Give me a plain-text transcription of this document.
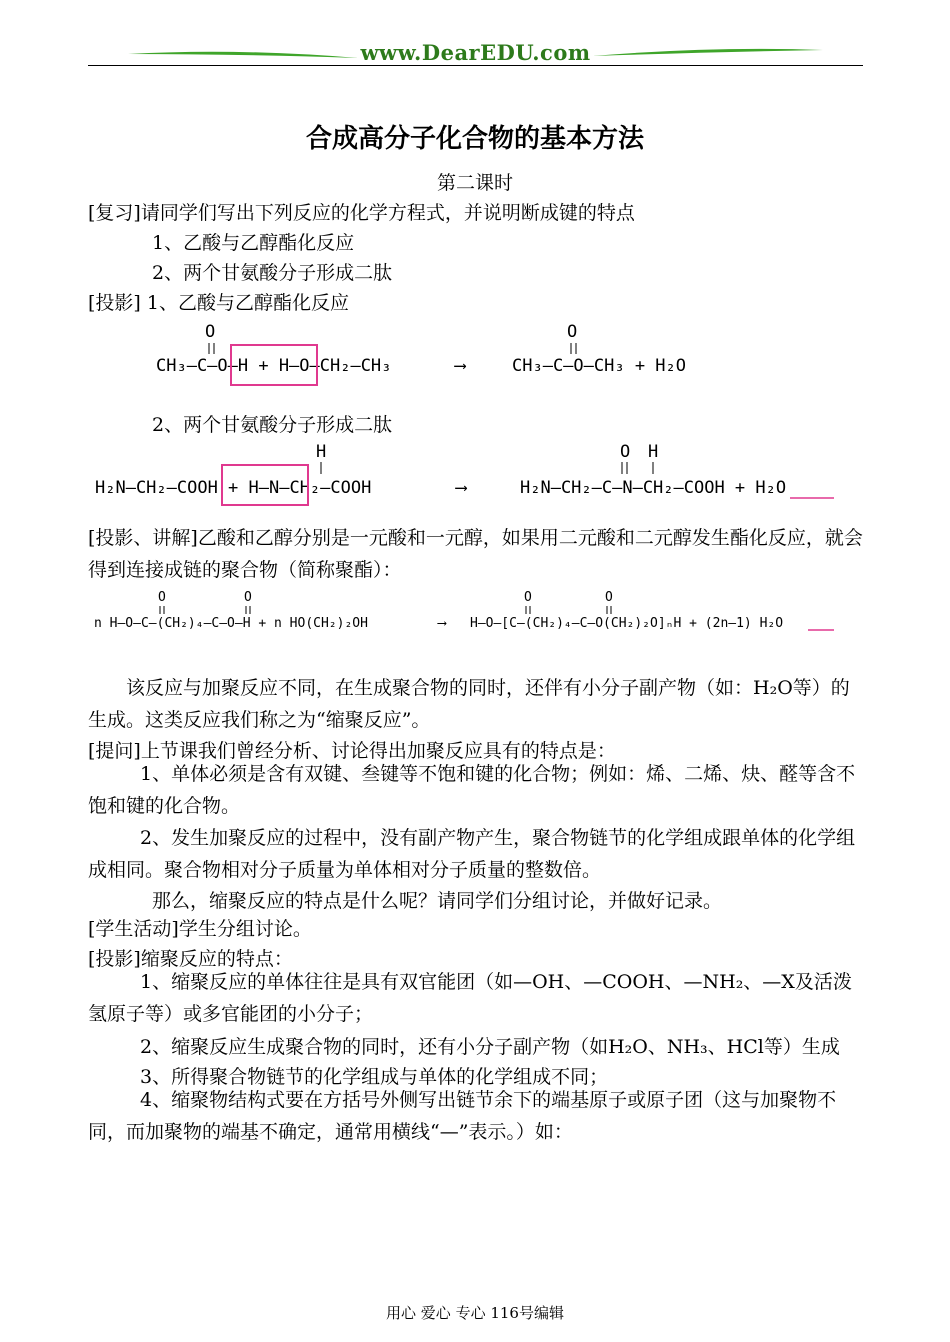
www.DearEDU.com
合成高分子化合物的基本方法
第二课时
[复习]请同学们写出下列反应的化学方程式，并说明断成键的特点
1、乙酸与乙醇酯化反应
2、两个甘氨酸分子形成二肽
[投影] 1、乙酸与乙醇酯化反应
O	O
CH₃–C–O–H + H–O–CH₂–CH₃	⟶	CH₃–C–O–CH₃ + H₂O
2、两个甘氨酸分子形成二肽
H	O H
H₂N–CH₂–COOH + H–N–CH₂–COOH	⟶	H₂N–CH₂–C–N–CH₂–COOH + H₂O
[投影、讲解]乙酸和乙醇分别是一元酸和一元醇，如果用二元酸和二元醇发生酯化反应，就会得到连接成链的聚合物（简称聚酯）：
O	O	O	O
n H–O–C–(CH₂)₄–C–O–H + n HO(CH₂)₂OH	⟶ H–O–[C–(CH₂)₄–C–O(CH₂)₂O]ₙH + (2n–1) H₂O
该反应与加聚反应不同，在生成聚合物的同时，还伴有小分子副产物（如：H₂O等）的生成。这类反应我们称之为“缩聚反应”。
[提问]上节课我们曾经分析、讨论得出加聚反应具有的特点是：
1、单体必须是含有双键、叁键等不饱和键的化合物；例如：烯、二烯、炔、醛等含不饱和键的化合物。
2、发生加聚反应的过程中，没有副产物产生，聚合物链节的化学组成跟单体的化学组成相同。聚合物相对分子质量为单体相对分子质量的整数倍。
那么，缩聚反应的特点是什么呢？请同学们分组讨论，并做好记录。
[学生活动]学生分组讨论。
[投影]缩聚反应的特点：
1、缩聚反应的单体往往是具有双官能团（如—OH、—COOH、—NH₂、—X及活泼氢原子等）或多官能团的小分子；
2、缩聚反应生成聚合物的同时，还有小分子副产物（如H₂O、NH₃、HCl等）生成
3、所得聚合物链节的化学组成与单体的化学组成不同；
4、缩聚物结构式要在方括号外侧写出链节余下的端基原子或原子团（这与加聚物不同，而加聚物的端基不确定，通常用横线“—”表示。）如：
用心 爱心 专心 116号编辑
